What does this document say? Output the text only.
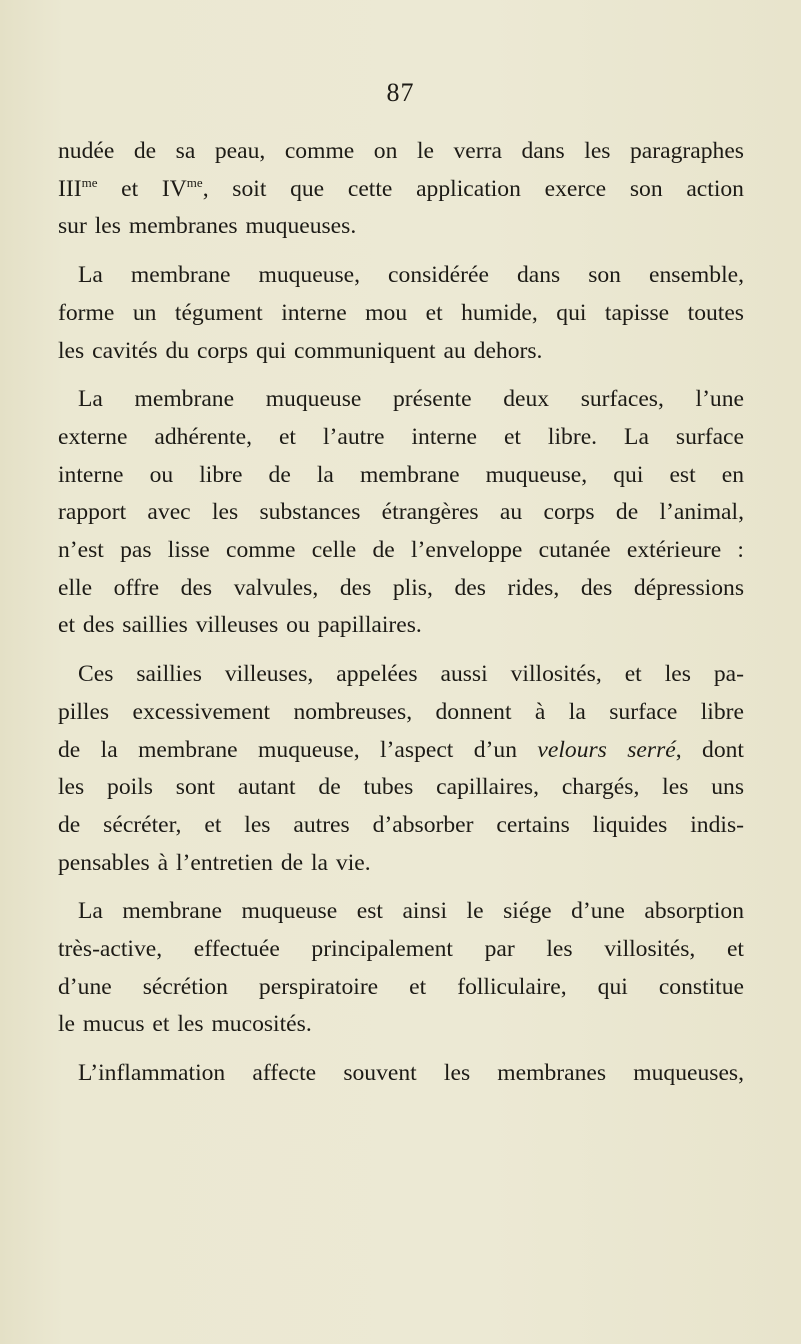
87

nudée de sa peau, comme on le verra dans les paragraphes
$III^{me}$ et $IV^{me}$, soit que cette application exerce son action
sur les membranes muqueuses.

La membrane muqueuse, considérée dans son ensemble,
forme un tégument interne mou et humide, qui tapisse toutes
les cavités du corps qui communiquent au dehors.

La membrane muqueuse présente deux surfaces, l’une
externe adhérente, et l’autre interne et libre. La surface
interne ou libre de la membrane muqueuse, qui est en
rapport avec les substances étrangères au corps de l’animal,
n’est pas lisse comme celle de l’enveloppe cutanée extérieure :
elle offre des valvules, des plis, des rides, des dépressions
et des saillies villeuses ou papillaires.

Ces saillies villeuses, appelées aussi villosités, et les pa-
pilles excessivement nombreuses, donnent à la surface libre
de la membrane muqueuse, l’aspect d’un velours serré, dont
les poils sont autant de tubes capillaires, chargés, les uns
de sécréter, et les autres d’absorber certains liquides indis-
pensables à l’entretien de la vie.

La membrane muqueuse est ainsi le siége d’une absorption
très-active, effectuée principalement par les villosités, et
d’une sécrétion perspiratoire et folliculaire, qui constitue
le mucus et les mucosités.

L’inflammation affecte souvent les membranes muqueuses,
